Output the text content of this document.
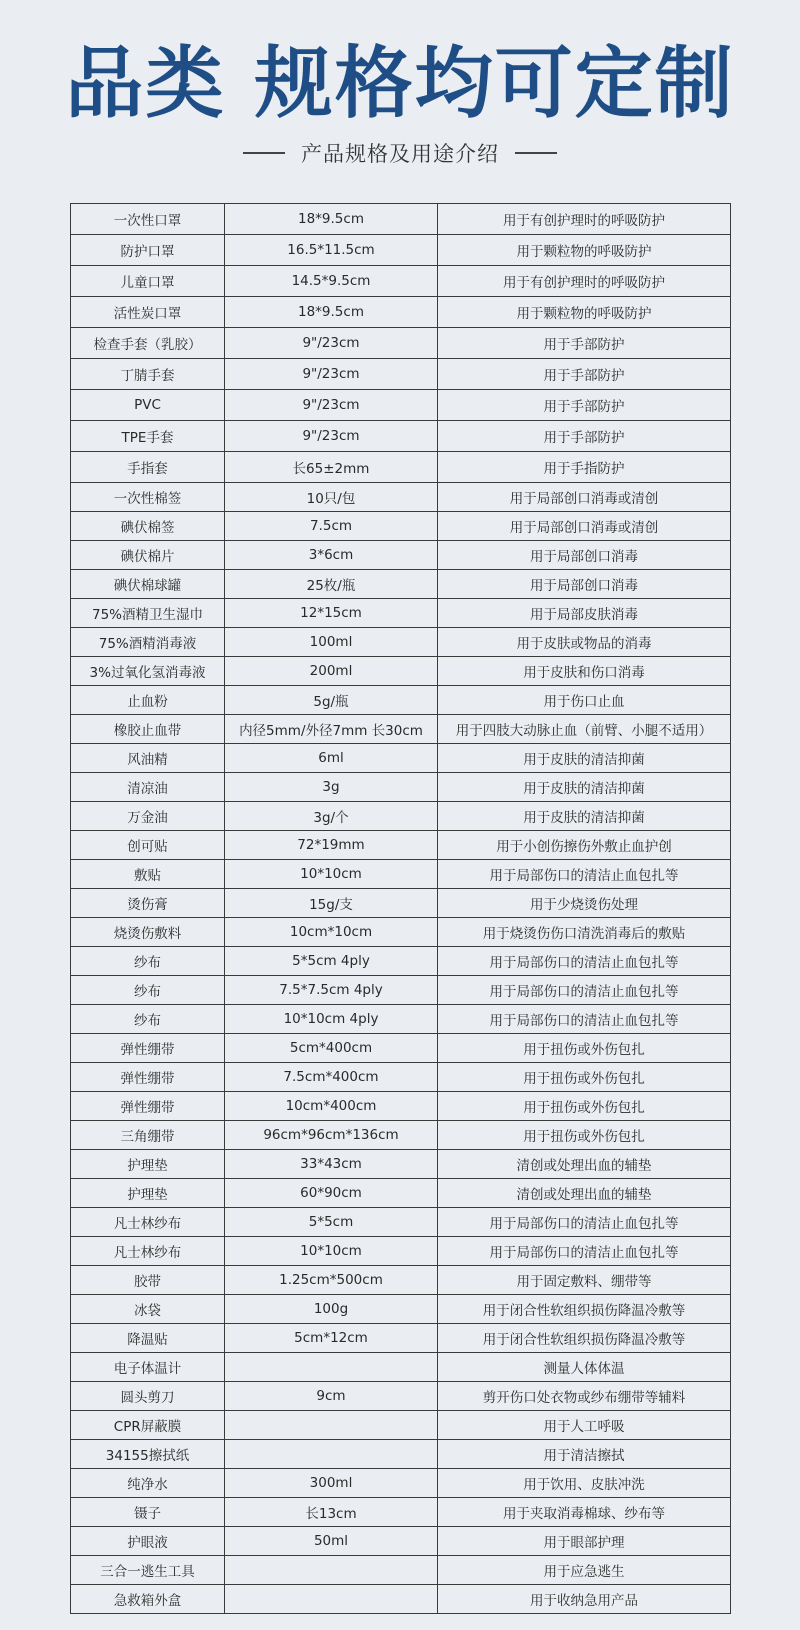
品类 规格均可定制
产品规格及用途介绍
一次性口罩	18*9.5cm	用于有创护理时的呼吸防护
防护口罩	16.5*11.5cm	用于颗粒物的呼吸防护
儿童口罩	14.5*9.5cm	用于有创护理时的呼吸防护
活性炭口罩	18*9.5cm	用于颗粒物的呼吸防护
检查手套（乳胶）	9"/23cm	用于手部防护
丁腈手套	9"/23cm	用于手部防护
PVC	9"/23cm	用于手部防护
TPE手套	9"/23cm	用于手部防护
手指套	长65±2mm	用于手指防护
一次性棉签	10只/包	用于局部创口消毒或清创
碘伏棉签	7.5cm	用于局部创口消毒或清创
碘伏棉片	3*6cm	用于局部创口消毒
碘伏棉球罐	25枚/瓶	用于局部创口消毒
75%酒精卫生湿巾	12*15cm	用于局部皮肤消毒
75%酒精消毒液	100ml	用于皮肤或物品的消毒
3%过氧化氢消毒液	200ml	用于皮肤和伤口消毒
止血粉	5g/瓶	用于伤口止血
橡胶止血带	内径5mm/外径7mm 长30cm	用于四肢大动脉止血（前臂、小腿不适用）
风油精	6ml	用于皮肤的清洁抑菌
清凉油	3g	用于皮肤的清洁抑菌
万金油	3g/个	用于皮肤的清洁抑菌
创可贴	72*19mm	用于小创伤擦伤外敷止血护创
敷贴	10*10cm	用于局部伤口的清洁止血包扎等
烫伤膏	15g/支	用于少烧烫伤处理
烧烫伤敷料	10cm*10cm	用于烧烫伤伤口清洗消毒后的敷贴
纱布	5*5cm 4ply	用于局部伤口的清洁止血包扎等
纱布	7.5*7.5cm 4ply	用于局部伤口的清洁止血包扎等
纱布	10*10cm 4ply	用于局部伤口的清洁止血包扎等
弹性绷带	5cm*400cm	用于扭伤或外伤包扎
弹性绷带	7.5cm*400cm	用于扭伤或外伤包扎
弹性绷带	10cm*400cm	用于扭伤或外伤包扎
三角绷带	96cm*96cm*136cm	用于扭伤或外伤包扎
护理垫	33*43cm	清创或处理出血的辅垫
护理垫	60*90cm	清创或处理出血的辅垫
凡士林纱布	5*5cm	用于局部伤口的清洁止血包扎等
凡士林纱布	10*10cm	用于局部伤口的清洁止血包扎等
胶带	1.25cm*500cm	用于固定敷料、绷带等
冰袋	100g	用于闭合性软组织损伤降温冷敷等
降温贴	5cm*12cm	用于闭合性软组织损伤降温冷敷等
电子体温计		测量人体体温
圆头剪刀	9cm	剪开伤口处衣物或纱布绷带等辅料
CPR屏蔽膜		用于人工呼吸
34155擦拭纸		用于清洁擦拭
纯净水	300ml	用于饮用、皮肤冲洗
镊子	长13cm	用于夹取消毒棉球、纱布等
护眼液	50ml	用于眼部护理
三合一逃生工具		用于应急逃生
急救箱外盒		用于收纳急用产品
